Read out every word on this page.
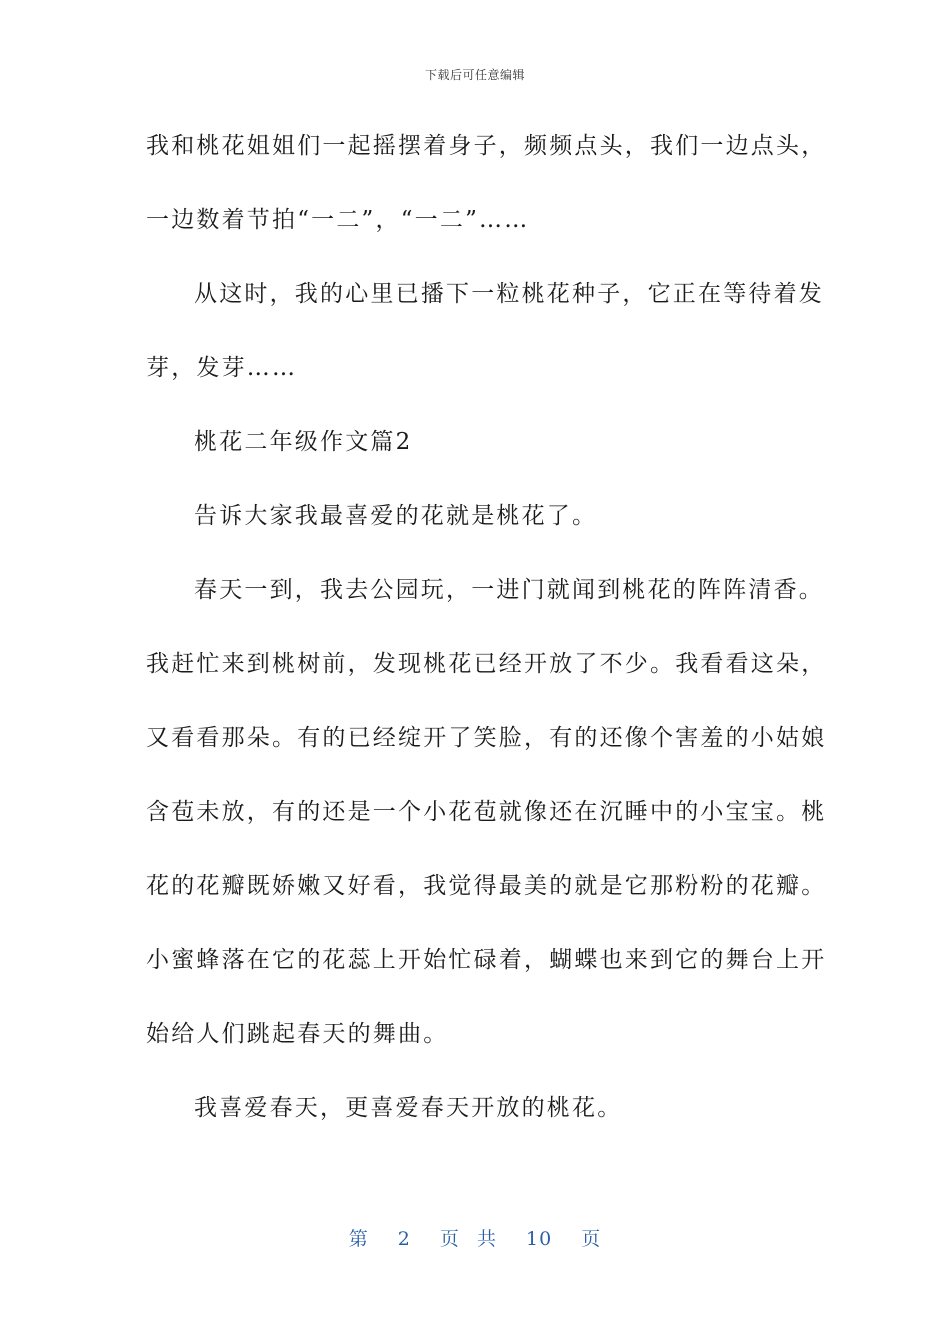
下载后可任意编辑
我和桃花姐姐们一起摇摆着身子，频频点头，我们一边点头，
一边数着节拍“一二”，“一二”……
从这时，我的心里已播下一粒桃花种子，它正在等待着发
芽，发芽……
桃花二年级作文篇2
告诉大家我最喜爱的花就是桃花了。
春天一到，我去公园玩，一进门就闻到桃花的阵阵清香。
我赶忙来到桃树前，发现桃花已经开放了不少。我看看这朵，
又看看那朵。有的已经绽开了笑脸，有的还像个害羞的小姑娘
含苞未放，有的还是一个小花苞就像还在沉睡中的小宝宝。桃
花的花瓣既娇嫩又好看，我觉得最美的就是它那粉粉的花瓣。
小蜜蜂落在它的花蕊上开始忙碌着，蝴蝶也来到它的舞台上开
始给人们跳起春天的舞曲。
我喜爱春天，更喜爱春天开放的桃花。
第 2 页 共 10 页
